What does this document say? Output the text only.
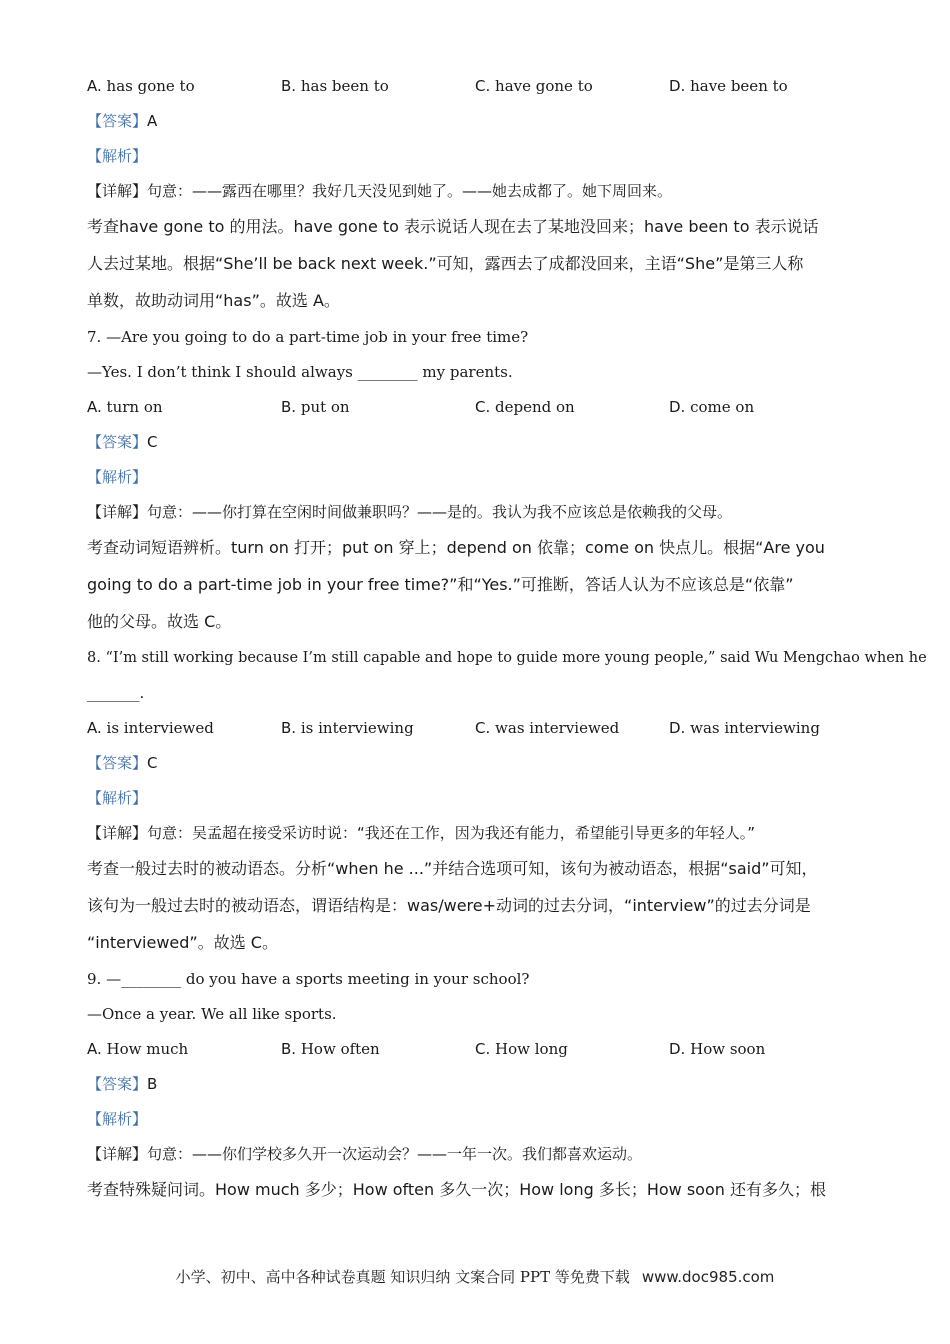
A. has gone to	B. has been to	C. have gone to	D. have been to
【答案】A
【解析】
【详解】句意：——露西在哪里？我好几天没见到她了。——她去成都了。她下周回来。
考查have gone to 的用法。have gone to 表示说话人现在去了某地没回来；have been to 表示说话
人去过某地。根据“She’ll be back next week.”可知，露西去了成都没回来，主语“She”是第三人称
单数，故助动词用“has”。故选 A。
7. —Are you going to do a part-time job in your free time?
—Yes. I don’t think I should always ________ my parents.
A. turn on	B. put on	C. depend on	D. come on
【答案】C
【解析】
【详解】句意：——你打算在空闲时间做兼职吗？——是的。我认为我不应该总是依赖我的父母。
考查动词短语辨析。turn on 打开；put on 穿上；depend on 依靠；come on 快点儿。根据“Are you
going to do a part-time job in your free time?”和“Yes.”可推断，答话人认为不应该总是“依靠”
他的父母。故选 C。
8. “I’m still working because I’m still capable and hope to guide more young people,” said Wu Mengchao when he
_______.
A. is interviewed	B. is interviewing	C. was interviewed	D. was interviewing
【答案】C
【解析】
【详解】句意：吴孟超在接受采访时说：“我还在工作，因为我还有能力，希望能引导更多的年轻人。”
考查一般过去时的被动语态。分析“when he ...”并结合选项可知，该句为被动语态，根据“said”可知，
该句为一般过去时的被动语态，谓语结构是：was/were+动词的过去分词，“interview”的过去分词是
“interviewed”。故选 C。
9. —________ do you have a sports meeting in your school?
—Once a year. We all like sports.
A. How much	B. How often	C. How long	D. How soon
【答案】B
【解析】
【详解】句意：——你们学校多久开一次运动会？——一年一次。我们都喜欢运动。
考查特殊疑问词。How much 多少；How often 多久一次；How long 多长；How soon 还有多久；根
小学、初中、高中各种试卷真题 知识归纳 文案合同 PPT 等免费下载 www.doc985.com
